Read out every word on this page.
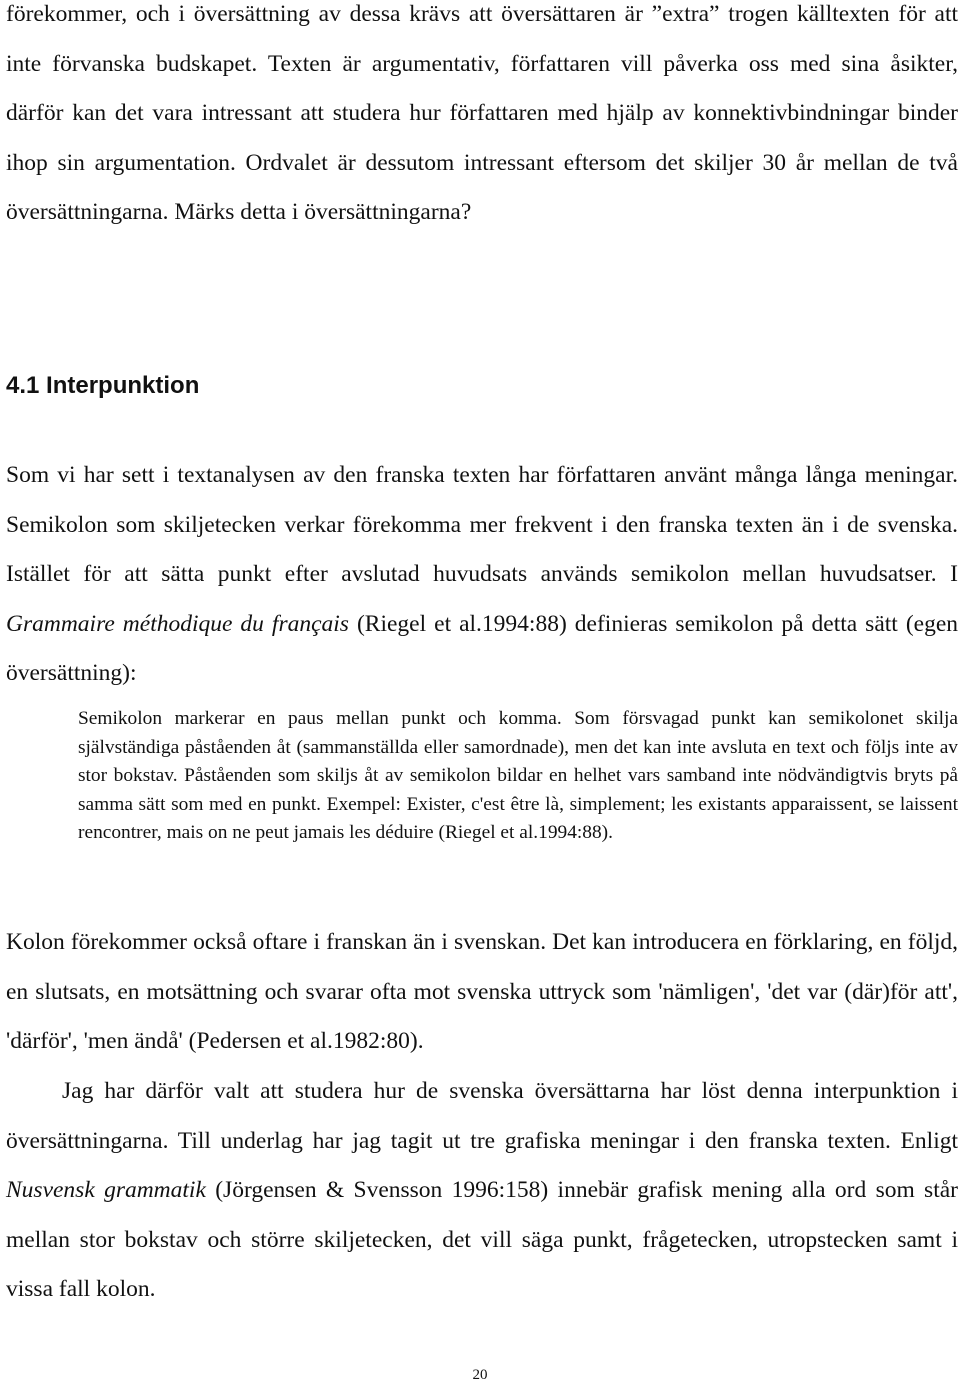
förekommer, och i översättning av dessa krävs att översättaren är ”extra” trogen källtexten för att inte förvanska budskapet. Texten är argumentativ, författaren vill påverka oss med sina åsikter, därför kan det vara intressant att studera hur författaren med hjälp av konnektivbindningar binder ihop sin argumentation. Ordvalet är dessutom intressant eftersom det skiljer 30 år mellan de två översättningarna. Märks detta i översättningarna?

4.1 Interpunktion

Som vi har sett i textanalysen av den franska texten har författaren använt många långa meningar. Semikolon som skiljetecken verkar förekomma mer frekvent i den franska texten än i de svenska. Istället för att sätta punkt efter avslutad huvudsats används semikolon mellan huvudsatser. I Grammaire méthodique du français (Riegel et al.1994:88) definieras semikolon på detta sätt (egen översättning):

Semikolon markerar en paus mellan punkt och komma. Som försvagad punkt kan semikolonet skilja självständiga påståenden åt (sammanställda eller samordnade), men det kan inte avsluta en text och följs inte av stor bokstav. Påståenden som skiljs åt av semikolon bildar en helhet vars samband inte nödvändigtvis bryts på samma sätt som med en punkt. Exempel: Exister, c'est être là, simplement; les existants apparaissent, se laissent rencontrer, mais on ne peut jamais les déduire (Riegel et al.1994:88).

Kolon förekommer också oftare i franskan än i svenskan. Det kan introducera en förklaring, en följd, en slutsats, en motsättning och svarar ofta mot svenska uttryck som 'nämligen', 'det var (där)för att', 'därför', 'men ändå' (Pedersen et al.1982:80).

Jag har därför valt att studera hur de svenska översättarna har löst denna interpunktion i översättningarna. Till underlag har jag tagit ut tre grafiska meningar i den franska texten. Enligt Nusvensk grammatik (Jörgensen & Svensson 1996:158) innebär grafisk mening alla ord som står mellan stor bokstav och större skiljetecken, det vill säga punkt, frågetecken, utropstecken samt i vissa fall kolon.

20
